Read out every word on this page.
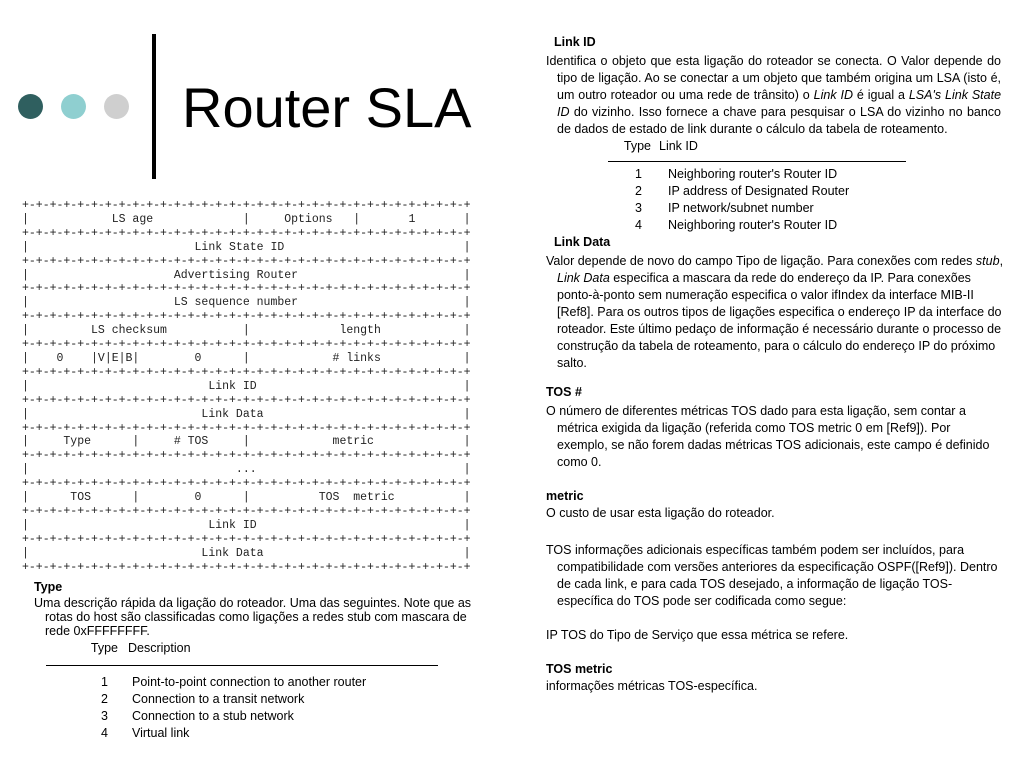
Router SLA
+-+-+-+-+-+-+-+-+-+-+-+-+-+-+-+-+-+-+-+-+-+-+-+-+-+-+-+-+-+-+-+-+
|            LS age             |     Options   |       1       |
+-+-+-+-+-+-+-+-+-+-+-+-+-+-+-+-+-+-+-+-+-+-+-+-+-+-+-+-+-+-+-+-+
|                        Link State ID                          |
+-+-+-+-+-+-+-+-+-+-+-+-+-+-+-+-+-+-+-+-+-+-+-+-+-+-+-+-+-+-+-+-+
|                     Advertising Router                        |
+-+-+-+-+-+-+-+-+-+-+-+-+-+-+-+-+-+-+-+-+-+-+-+-+-+-+-+-+-+-+-+-+
|                     LS sequence number                        |
+-+-+-+-+-+-+-+-+-+-+-+-+-+-+-+-+-+-+-+-+-+-+-+-+-+-+-+-+-+-+-+-+
|         LS checksum           |             length            |
+-+-+-+-+-+-+-+-+-+-+-+-+-+-+-+-+-+-+-+-+-+-+-+-+-+-+-+-+-+-+-+-+
|    0    |V|E|B|        0      |            # links            |
+-+-+-+-+-+-+-+-+-+-+-+-+-+-+-+-+-+-+-+-+-+-+-+-+-+-+-+-+-+-+-+-+
|                          Link ID                              |
+-+-+-+-+-+-+-+-+-+-+-+-+-+-+-+-+-+-+-+-+-+-+-+-+-+-+-+-+-+-+-+-+
|                         Link Data                             |
+-+-+-+-+-+-+-+-+-+-+-+-+-+-+-+-+-+-+-+-+-+-+-+-+-+-+-+-+-+-+-+-+
|     Type      |     # TOS     |            metric             |
+-+-+-+-+-+-+-+-+-+-+-+-+-+-+-+-+-+-+-+-+-+-+-+-+-+-+-+-+-+-+-+-+
|                              ...                              |
+-+-+-+-+-+-+-+-+-+-+-+-+-+-+-+-+-+-+-+-+-+-+-+-+-+-+-+-+-+-+-+-+
|      TOS      |        0      |          TOS  metric          |
+-+-+-+-+-+-+-+-+-+-+-+-+-+-+-+-+-+-+-+-+-+-+-+-+-+-+-+-+-+-+-+-+
|                          Link ID                              |
+-+-+-+-+-+-+-+-+-+-+-+-+-+-+-+-+-+-+-+-+-+-+-+-+-+-+-+-+-+-+-+-+
|                         Link Data                             |
+-+-+-+-+-+-+-+-+-+-+-+-+-+-+-+-+-+-+-+-+-+-+-+-+-+-+-+-+-+-+-+-+
Type
Uma descrição rápida da ligação do roteador. Uma das seguintes. Note que as rotas do host são classificadas como ligações a redes stub com mascara de rede 0xFFFFFFFF.
Type Description
1 Point-to-point connection to another router
2 Connection to a transit network
3 Connection to a stub network
4 Virtual link
Link ID
Identifica o objeto que esta ligação do roteador se conecta. O Valor depende do tipo de ligação. Ao se conectar a um objeto que também origina um LSA (isto é, um outro roteador ou uma rede de trânsito) o Link ID é igual a LSA's Link State ID do vizinho. Isso fornece a chave para pesquisar o LSA do vizinho no banco de dados de estado de link durante o cálculo da tabela de roteamento.
Type Link ID
1 Neighboring router's Router ID
2 IP address of Designated Router
3 IP network/subnet number
4 Neighboring router's Router ID
Link Data
Valor depende de novo do campo Tipo de ligação. Para conexões com redes stub, Link Data especifica a mascara da rede do endereço da IP. Para conexões ponto-à-ponto sem numeração especifica o valor ifIndex da interface MIB-II [Ref8]. Para os outros tipos de ligações especifica o endereço IP da interface do roteador. Este último pedaço de informação é necessário durante o processo de construção da tabela de roteamento, para o cálculo do endereço IP do próximo salto.
TOS #
O número de diferentes métricas TOS dado para esta ligação, sem contar a métrica exigida da ligação (referida como TOS metric 0 em [Ref9]). Por exemplo, se não forem dadas métricas TOS adicionais, este campo é definido como 0.
metric
O custo de usar esta ligação do roteador.
TOS informações adicionais específicas também podem ser incluídos, para compatibilidade com versões anteriores da especificação OSPF([Ref9]). Dentro de cada link, e para cada TOS desejado, a informação de ligação TOS-específica do TOS pode ser codificada como segue:
IP TOS do Tipo de Serviço que essa métrica se refere.
TOS metric
informações métricas TOS-específica.
